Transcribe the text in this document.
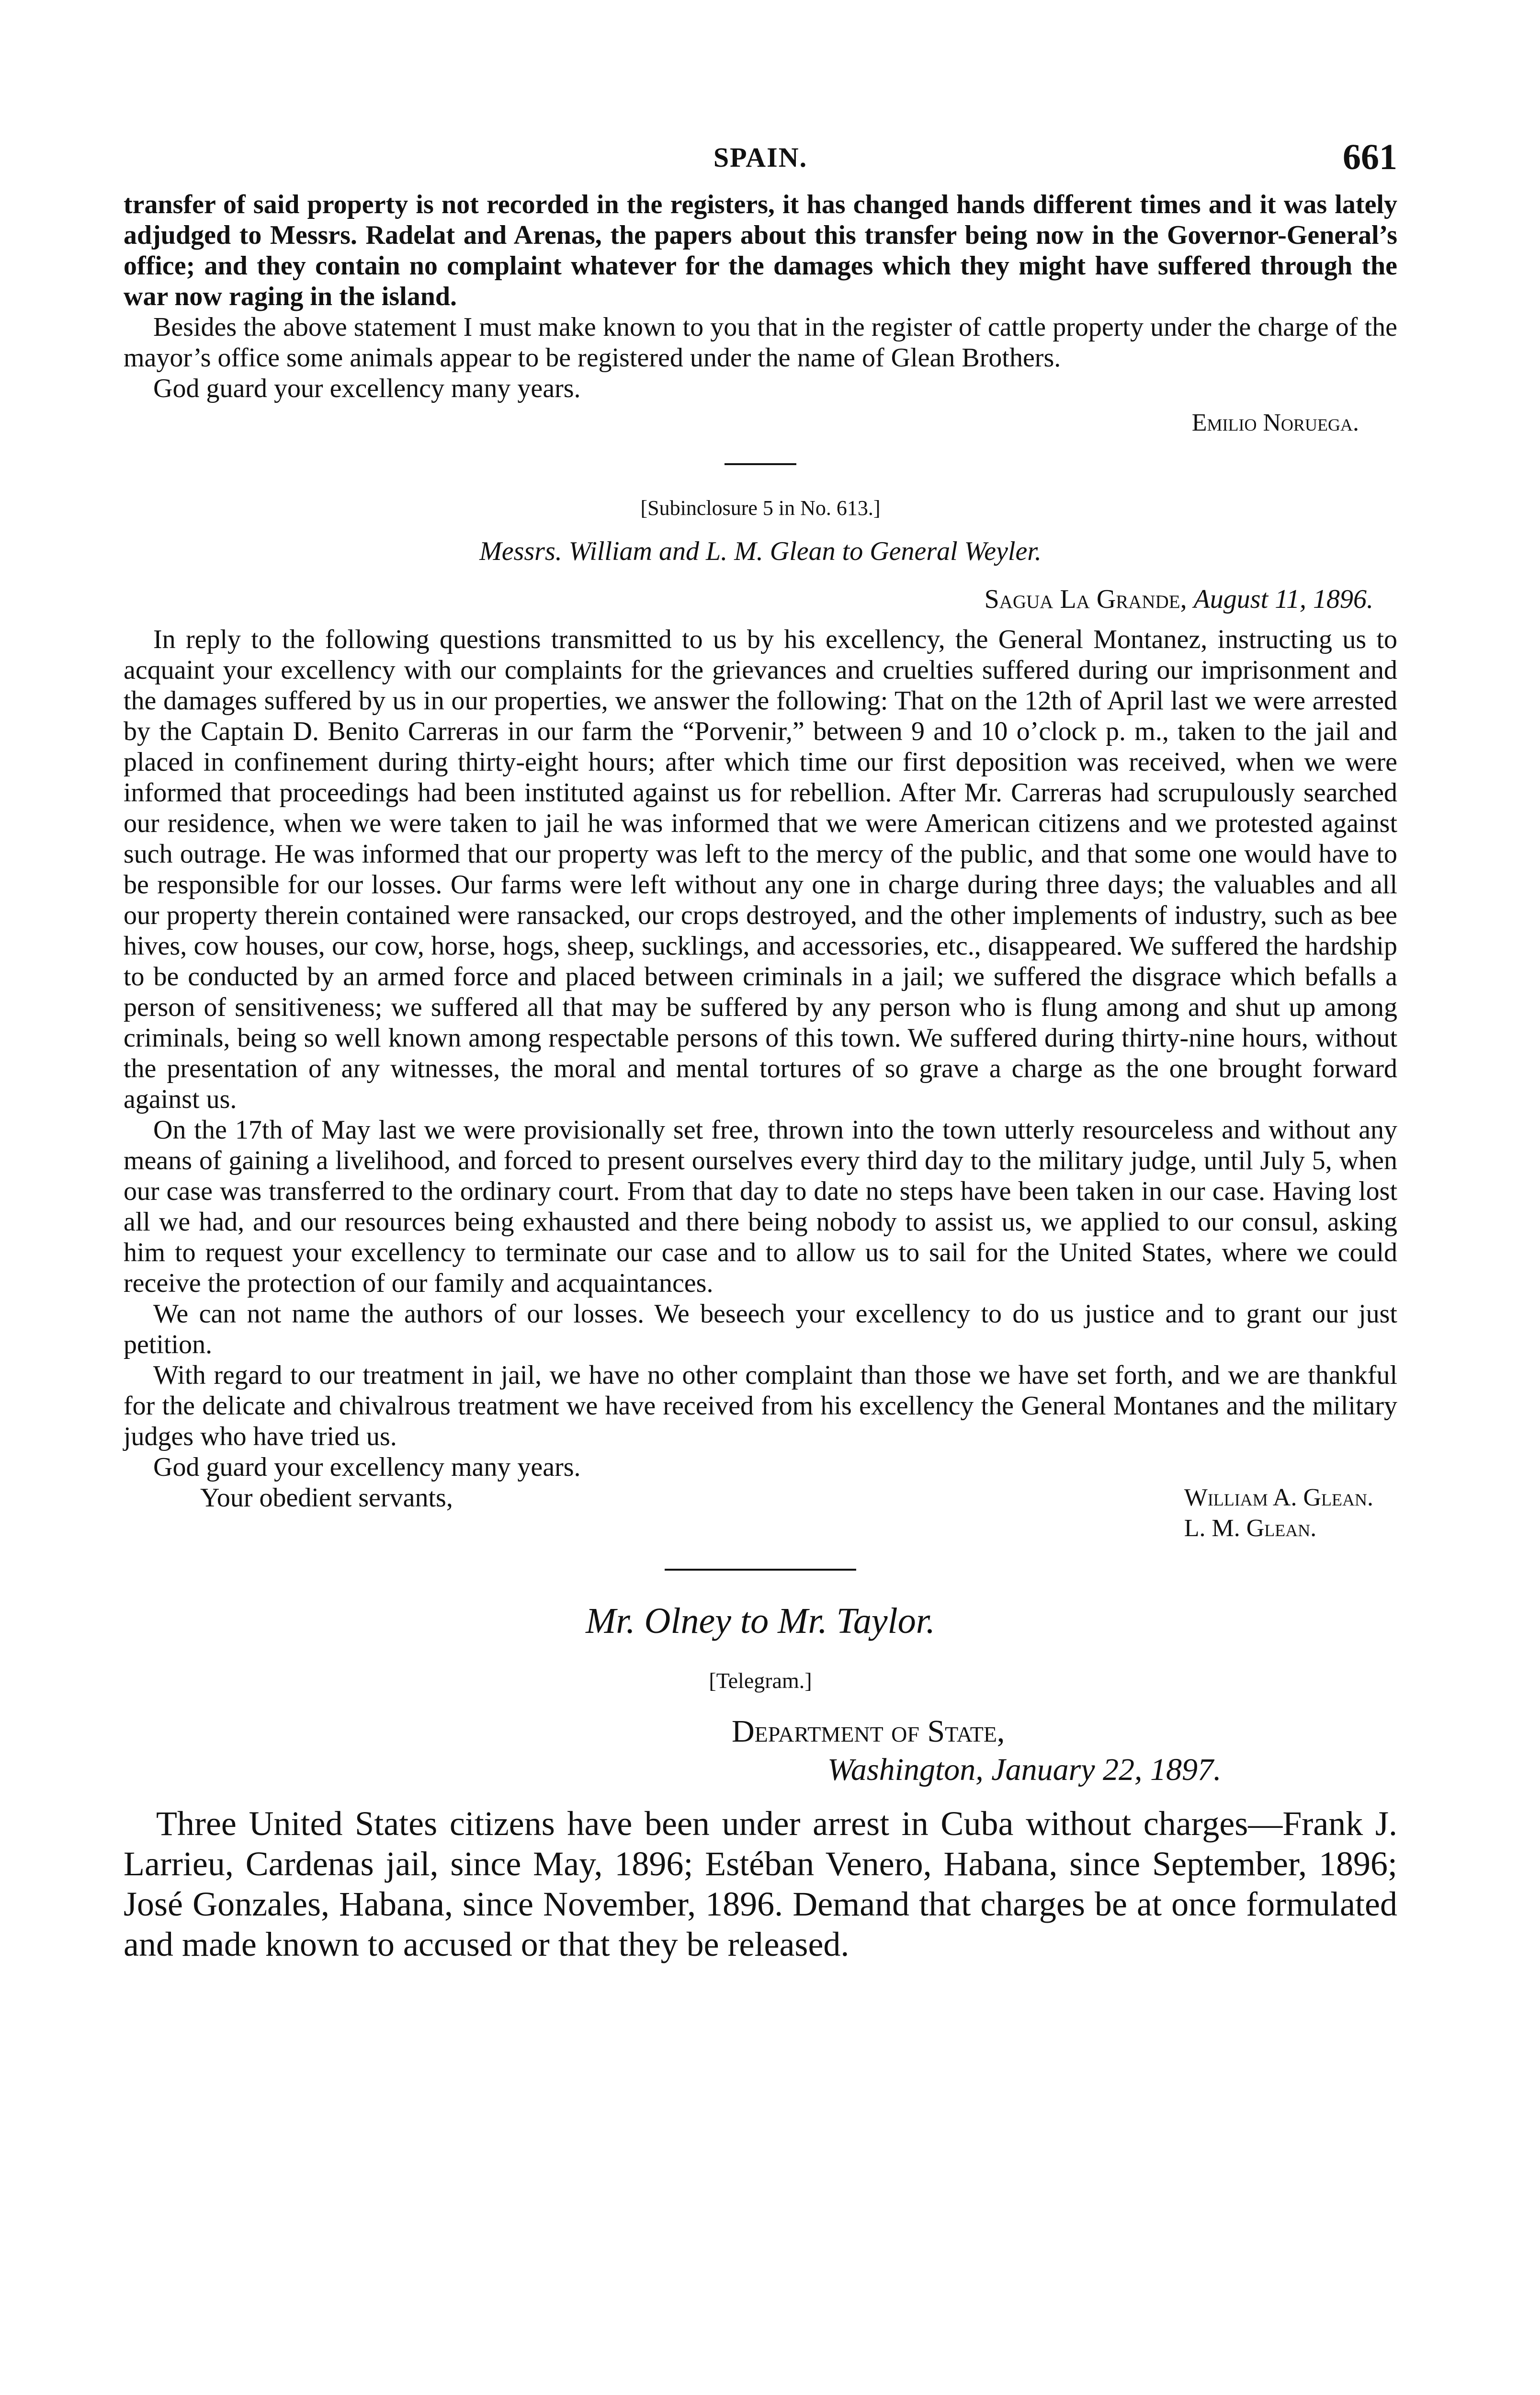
SPAIN.	661

transfer of said property is not recorded in the registers, it has changed hands different times and it was lately adjudged to Messrs. Radelat and Arenas, the papers about this transfer being now in the Governor-General’s office; and they contain no complaint whatever for the damages which they might have suffered through the war now raging in the island.

Besides the above statement I must make known to you that in the register of cattle property under the charge of the mayor’s office some animals appear to be registered under the name of Glean Brothers.

God guard your excellency many years.

Emilio Noruega.
[Subinclosure 5 in No. 613.]
Messrs. William and L. M. Glean to General Weyler.
Sagua La Grande, August 11, 1896.

In reply to the following questions transmitted to us by his excellency, the General Montanez, instructing us to acquaint your excellency with our complaints for the grievances and cruelties suffered during our imprisonment and the damages suffered by us in our properties, we answer the following: That on the 12th of April last we were arrested by the Captain D. Benito Carreras in our farm the “Porvenir,” between 9 and 10 o’clock p. m., taken to the jail and placed in confinement during thirty-eight hours; after which time our first deposition was received, when we were informed that proceedings had been instituted against us for rebellion. After Mr. Carreras had scrupulously searched our residence, when we were taken to jail he was informed that we were American citizens and we protested against such outrage. He was informed that our property was left to the mercy of the public, and that some one would have to be responsible for our losses. Our farms were left without any one in charge during three days; the valuables and all our property therein contained were ransacked, our crops destroyed, and the other implements of industry, such as bee hives, cow houses, our cow, horse, hogs, sheep, sucklings, and accessories, etc., disappeared. We suffered the hardship to be conducted by an armed force and placed between criminals in a jail; we suffered the disgrace which befalls a person of sensitiveness; we suffered all that may be suffered by any person who is flung among and shut up among criminals, being so well known among respectable persons of this town. We suffered during thirty-nine hours, without the presentation of any witnesses, the moral and mental tortures of so grave a charge as the one brought forward against us.

On the 17th of May last we were provisionally set free, thrown into the town utterly resourceless and without any means of gaining a livelihood, and forced to present ourselves every third day to the military judge, until July 5, when our case was transferred to the ordinary court. From that day to date no steps have been taken in our case. Having lost all we had, and our resources being exhausted and there being nobody to assist us, we applied to our consul, asking him to request your excellency to terminate our case and to allow us to sail for the United States, where we could receive the protection of our family and acquaintances.

We can not name the authors of our losses. We beseech your excellency to do us justice and to grant our just petition.

With regard to our treatment in jail, we have no other complaint than those we have set forth, and we are thankful for the delicate and chivalrous treatment we have received from his excellency the General Montanes and the military judges who have tried us.

God guard your excellency many years.

Your obedient servants,	William A. Glean.
L. M. Glean.
Mr. Olney to Mr. Taylor.
[Telegram.]
Department of State,
Washington, January 22, 1897.

Three United States citizens have been under arrest in Cuba without charges—Frank J. Larrieu, Cardenas jail, since May, 1896; Estéban Venero, Habana, since September, 1896; José Gonzales, Habana, since November, 1896. Demand that charges be at once formulated and made known to accused or that they be released.
